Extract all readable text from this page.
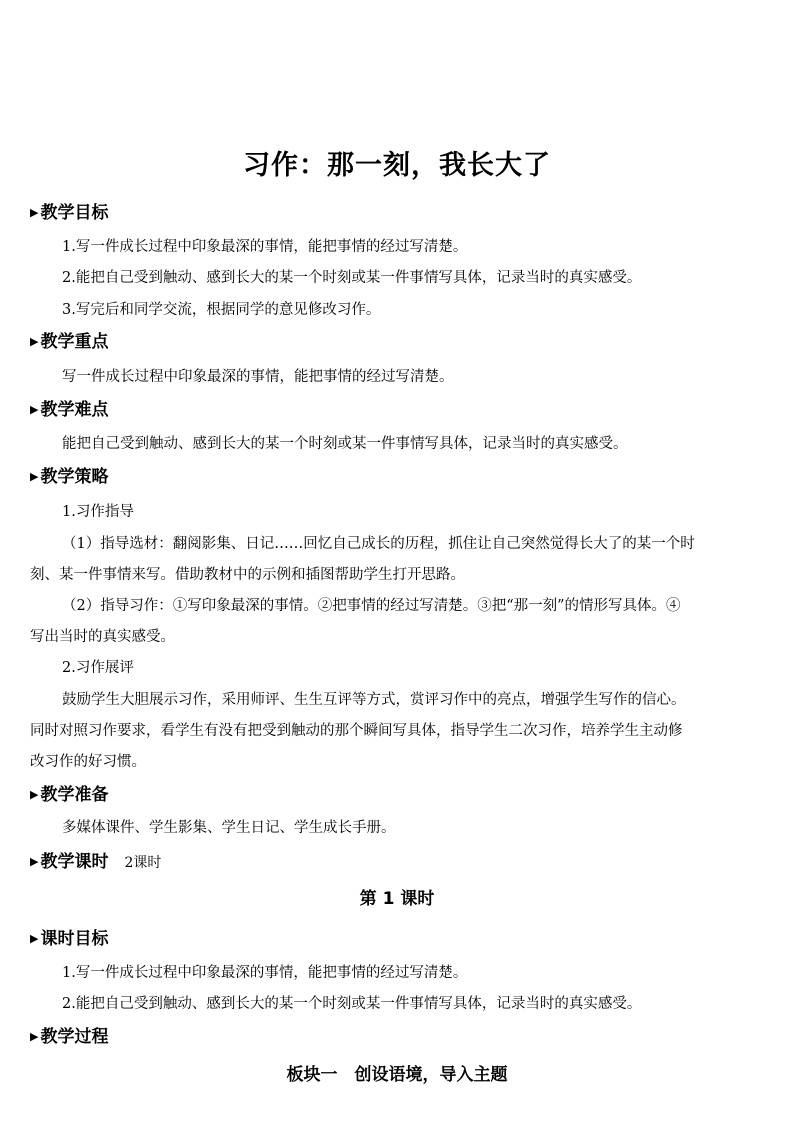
习作：那一刻，我长大了
▶ 教学目标
1.写一件成长过程中印象最深的事情，能把事情的经过写清楚。
2.能把自己受到触动、感到长大的某一个时刻或某一件事情写具体，记录当时的真实感受。
3.写完后和同学交流，根据同学的意见修改习作。
▶ 教学重点
写一件成长过程中印象最深的事情，能把事情的经过写清楚。
▶ 教学难点
能把自己受到触动、感到长大的某一个时刻或某一件事情写具体，记录当时的真实感受。
▶ 教学策略
1.习作指导
（1）指导选材：翻阅影集、日记……回忆自己成长的历程，抓住让自己突然觉得长大了的某一个时
刻、某一件事情来写。借助教材中的示例和插图帮助学生打开思路。
（2）指导习作：①写印象最深的事情。②把事情的经过写清楚。③把“那一刻”的情形写具体。④
写出当时的真实感受。
2.习作展评
鼓励学生大胆展示习作，采用师评、生生互评等方式，赏评习作中的亮点，增强学生写作的信心。
同时对照习作要求，看学生有没有把受到触动的那个瞬间写具体，指导学生二次习作，培养学生主动修
改习作的好习惯。
▶ 教学准备
多媒体课件、学生影集、学生日记、学生成长手册。
▶ 教学课时 2课时
第 1 课时
▶ 课时目标
1.写一件成长过程中印象最深的事情，能把事情的经过写清楚。
2.能把自己受到触动、感到长大的某一个时刻或某一件事情写具体，记录当时的真实感受。
▶ 教学过程
板块一　创设语境，导入主题
